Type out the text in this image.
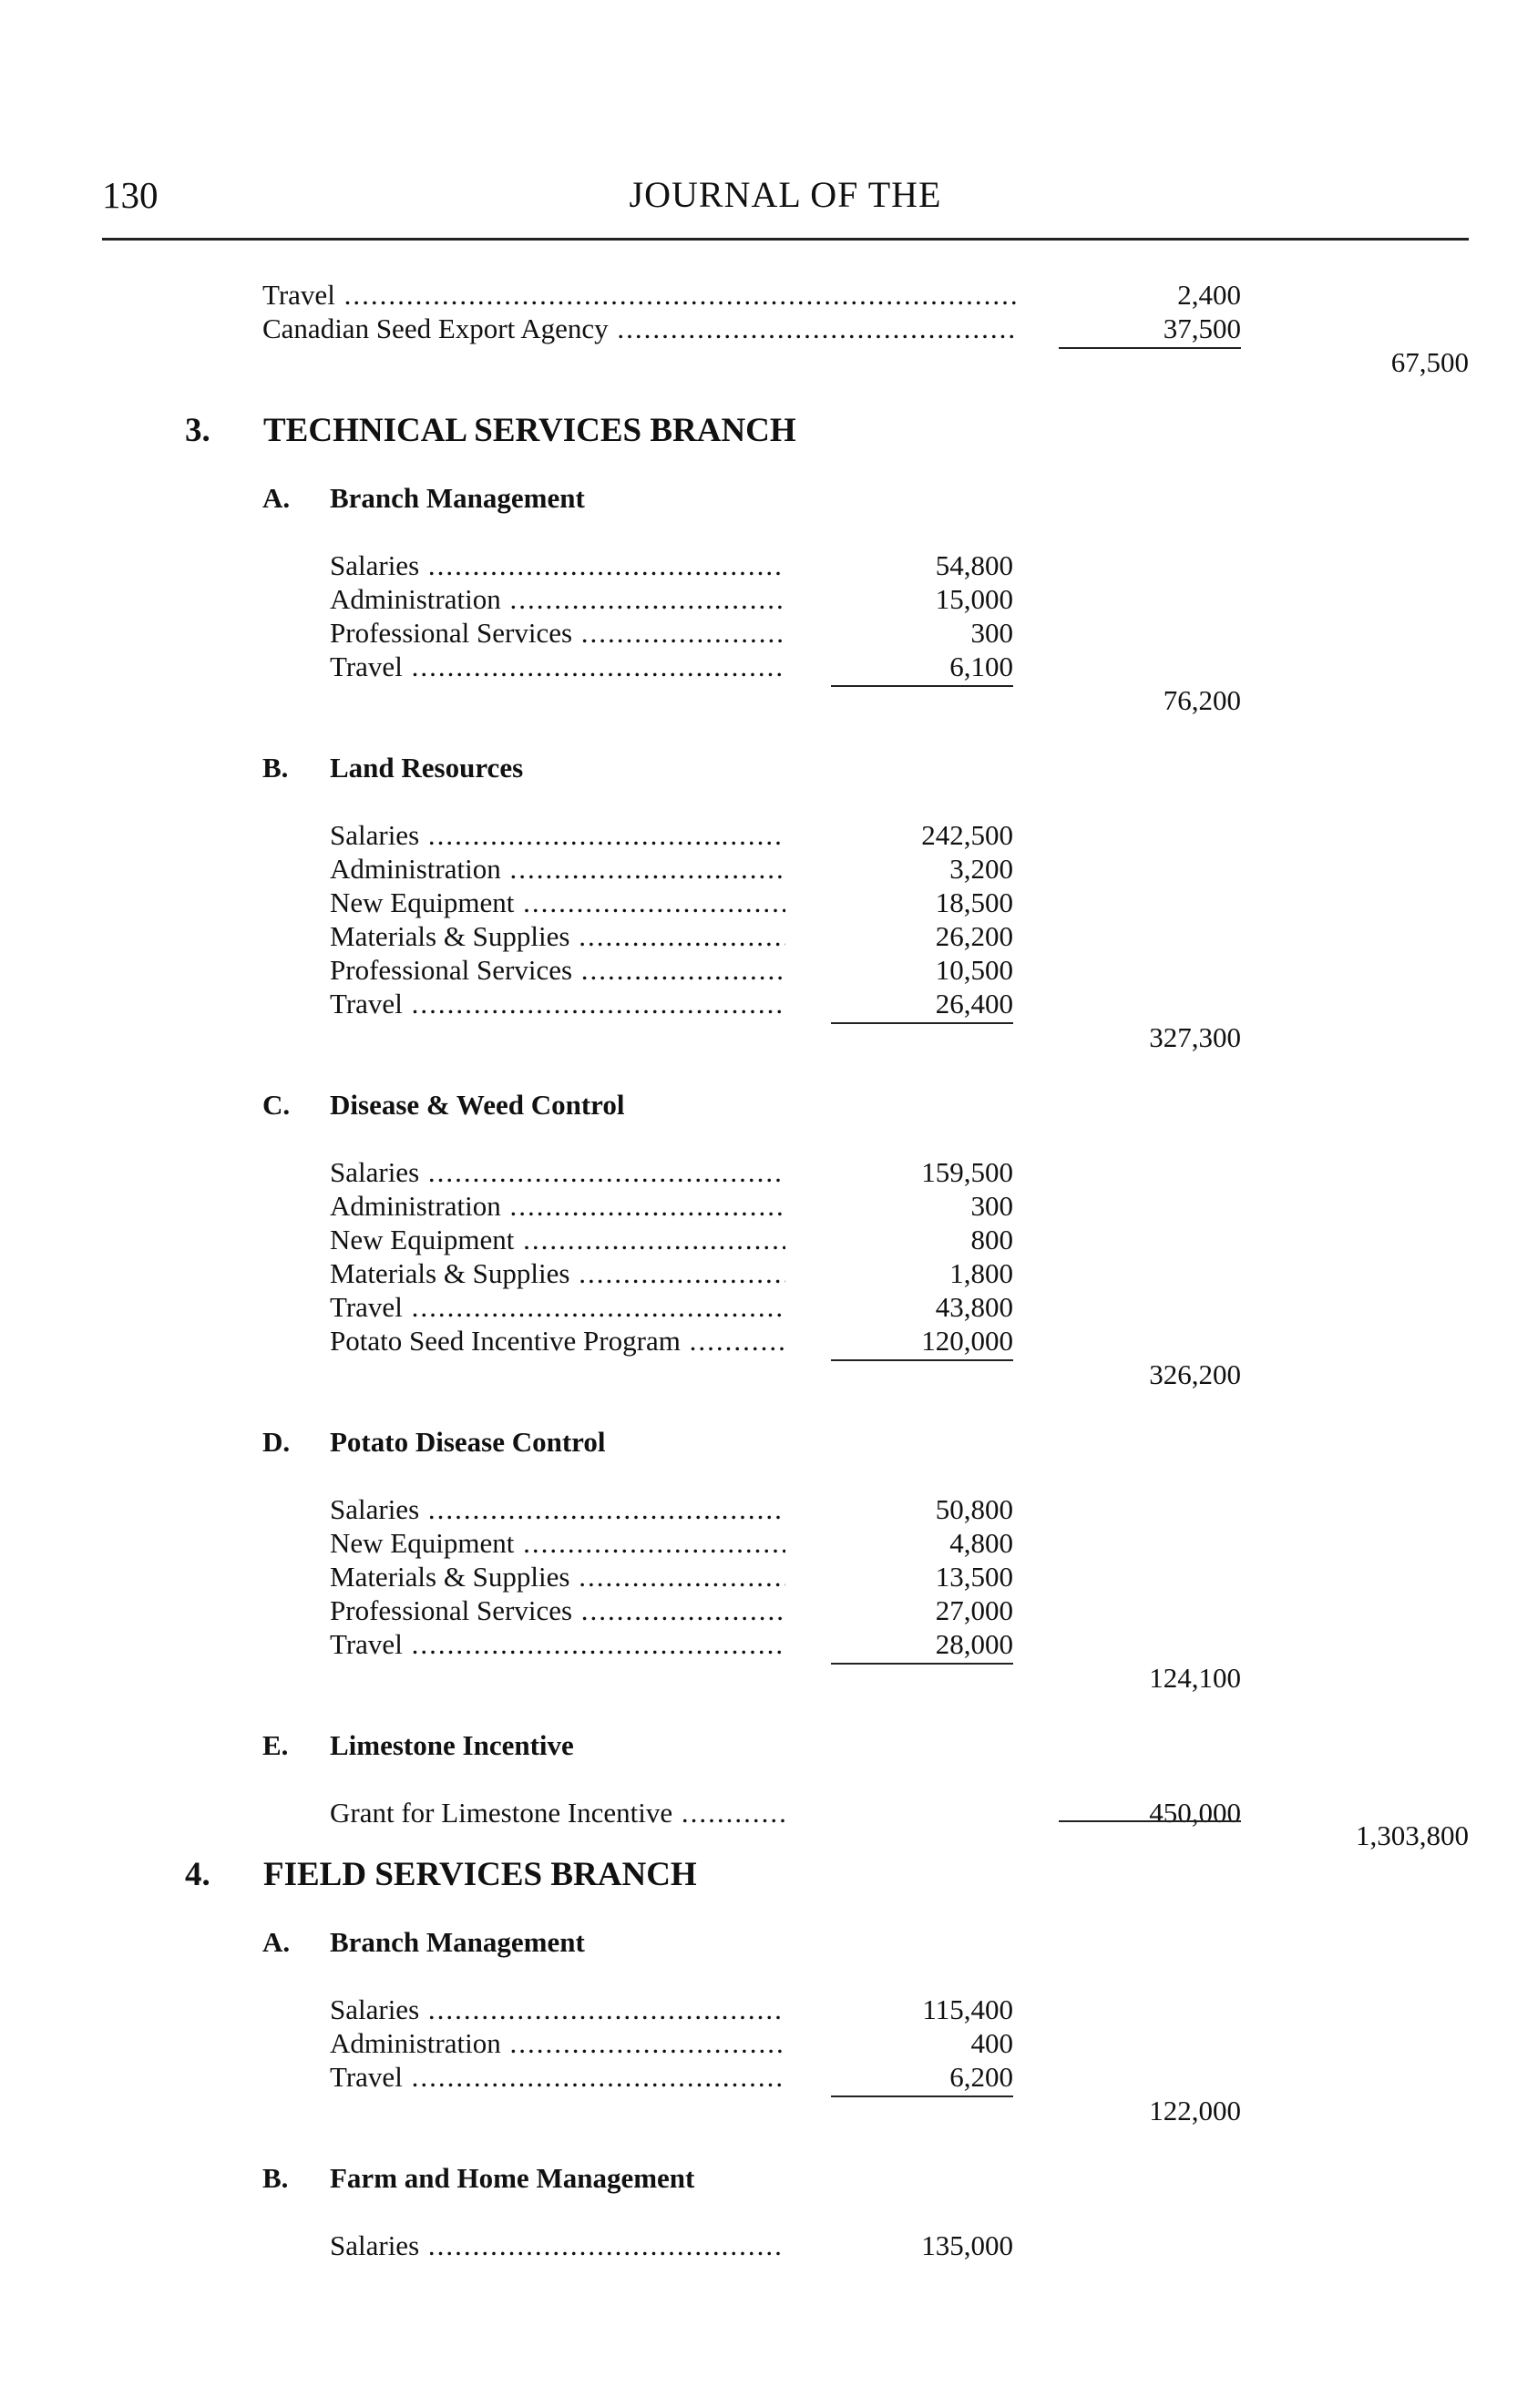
JOURNAL OF THE
130
Travel .....	2,400
Canadian Seed Export Agency .....	37,500
67,500
3. TECHNICAL SERVICES BRANCH
A. Branch Management
Salaries .....	54,800
Administration .....	15,000
Professional Services .....	300
Travel .....	6,100
76,200
B. Land Resources
Salaries .....	242,500
Administration .....	3,200
New Equipment .....	18,500
Materials & Supplies .....	26,200
Professional Services .....	10,500
Travel .....	26,400
327,300
C. Disease & Weed Control
Salaries .....	159,500
Administration .....	300
New Equipment .....	800
Materials & Supplies .....	1,800
Travel .....	43,800
Potato Seed Incentive Program .....	120,000
326,200
D. Potato Disease Control
Salaries .....	50,800
New Equipment .....	4,800
Materials & Supplies .....	13,500
Professional Services .....	27,000
Travel .....	28,000
124,100
E. Limestone Incentive
Grant for Limestone Incentive .....	450,000
1,303,800
4. FIELD SERVICES BRANCH
A. Branch Management
Salaries .....	115,400
Administration .....	400
Travel .....	6,200
122,000
B. Farm and Home Management
Salaries .....	135,000
